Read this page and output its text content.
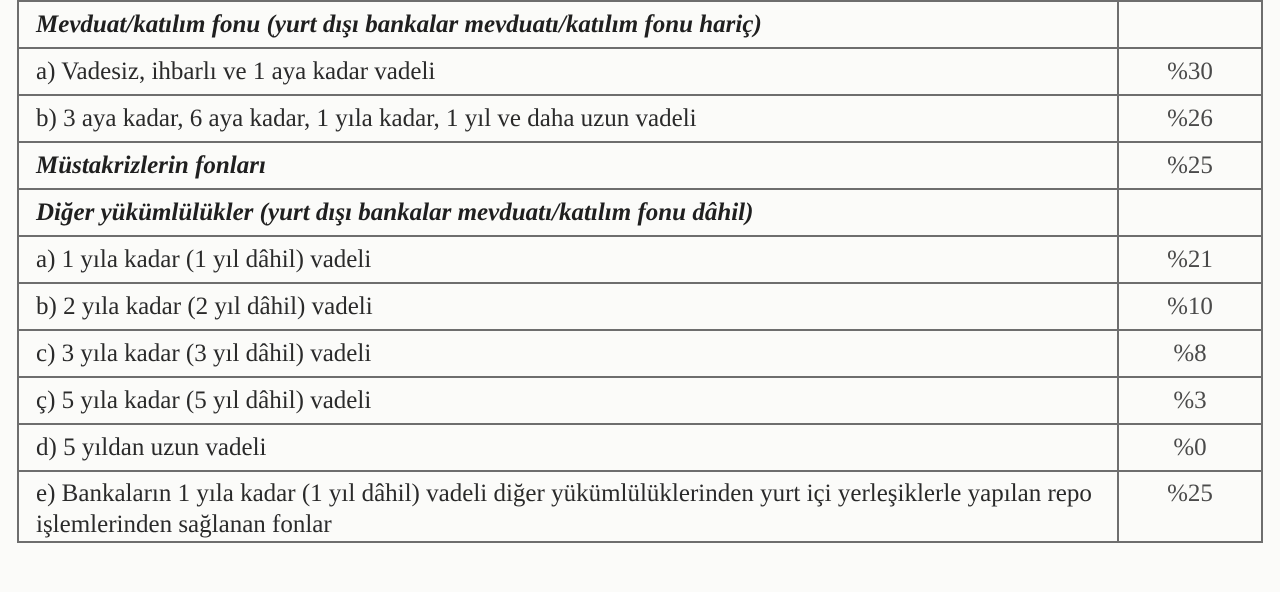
Mevduat/katılım fonu (yurt dışı bankalar mevduatı/katılım fonu hariç)	
a) Vadesiz, ihbarlı ve 1 aya kadar vadeli	%30
b) 3 aya kadar, 6 aya kadar, 1 yıla kadar, 1 yıl ve daha uzun vadeli	%26
Müstakrizlerin fonları	%25
Diğer yükümlülükler (yurt dışı bankalar mevduatı/katılım fonu dâhil)	
a) 1 yıla kadar (1 yıl dâhil) vadeli	%21
b) 2 yıla kadar (2 yıl dâhil) vadeli	%10
c) 3 yıla kadar (3 yıl dâhil) vadeli	%8
ç) 5 yıla kadar (5 yıl dâhil) vadeli	%3
d) 5 yıldan uzun vadeli	%0
e) Bankaların 1 yıla kadar (1 yıl dâhil) vadeli diğer yükümlülüklerinden yurt içi yerleşiklerle yapılan repo işlemlerinden sağlanan fonlar	%25
